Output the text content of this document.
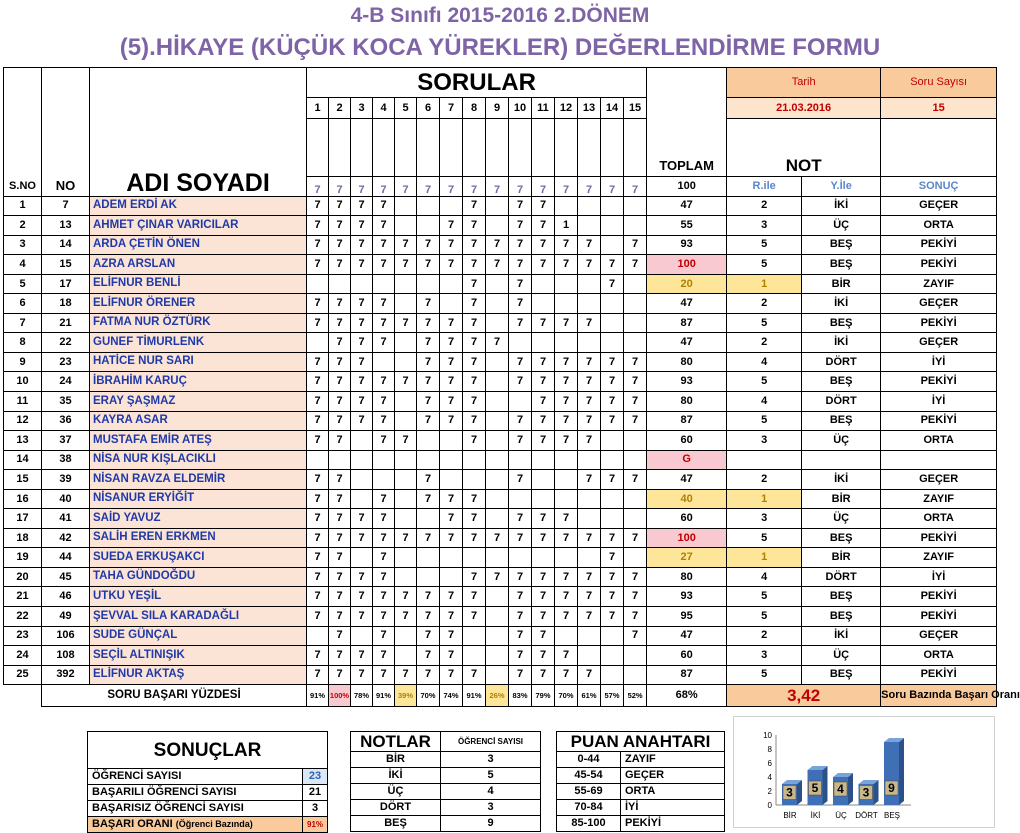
4-B Sınıfı 2015-2016 2.DÖNEM
(5).HİKAYE (KÜÇÜK KOCA YÜREKLER) DEĞERLENDİRME FORMU
S.NO	NO	ADI SOYADI	SORULAR															TOPLAM	Tarih		Soru Sayısı
			1	2	3	4	5	6	7	8	9	10	11	12	13	14	15		21.03.2016		15
																			NOT		
			7	7	7	7	7	7	7	7	7	7	7	7	7	7	7	100	R.ile	Y.İle	SONUÇ
1	7	ADEM ERDİ AK	7	7	7	7				7		7	7					47	2	İKİ	GEÇER
2	13	AHMET ÇINAR VARICILAR	7	7	7	7			7	7		7	7	1				55	3	ÜÇ	ORTA
3	14	ARDA ÇETİN ÖNEN	7	7	7	7	7	7	7	7	7	7	7	7	7		7	93	5	BEŞ	PEKİYİ
4	15	AZRA ARSLAN	7	7	7	7	7	7	7	7	7	7	7	7	7	7	7	100	5	BEŞ	PEKİYİ
5	17	ELİFNUR BENLİ								7		7				7		20	1	BİR	ZAYIF
6	18	ELİFNUR ÖRENER	7	7	7	7		7		7		7						47	2	İKİ	GEÇER
7	21	FATMA NUR ÖZTÜRK	7	7	7	7	7	7	7	7		7	7	7	7			87	5	BEŞ	PEKİYİ
8	22	GUNEF TİMURLENK		7	7	7		7	7	7	7							47	2	İKİ	GEÇER
9	23	HATİCE NUR SARI	7	7	7			7	7	7		7	7	7	7	7	7	80	4	DÖRT	İYİ
10	24	İBRAHİM KARUÇ	7	7	7	7	7	7	7	7		7	7	7	7	7	7	93	5	BEŞ	PEKİYİ
11	35	ERAY ŞAŞMAZ	7	7	7	7		7	7	7			7	7	7	7	7	80	4	DÖRT	İYİ
12	36	KAYRA ASAR	7	7	7	7		7	7	7		7	7	7	7	7	7	87	5	BEŞ	PEKİYİ
13	37	MUSTAFA EMİR ATEŞ	7	7		7	7			7		7	7	7	7			60	3	ÜÇ	ORTA
14	38	NİSA NUR KIŞLACIKLI																G			
15	39	NİSAN RAVZA ELDEMİR	7	7				7				7			7	7	7	47	2	İKİ	GEÇER
16	40	NİSANUR ERYİĞİT	7	7		7		7	7	7								40	1	BİR	ZAYIF
17	41	SAİD YAVUZ	7	7	7	7			7	7		7	7	7				60	3	ÜÇ	ORTA
18	42	SALİH EREN ERKMEN	7	7	7	7	7	7	7	7	7	7	7	7	7	7	7	100	5	BEŞ	PEKİYİ
19	44	SUEDA ERKUŞAKCI	7	7		7										7		27	1	BİR	ZAYIF
20	45	TAHA GÜNDOĞDU	7	7	7	7				7	7	7	7	7	7	7	7	80	4	DÖRT	İYİ
21	46	UTKU YEŞİL	7	7	7	7	7	7	7	7		7	7	7	7	7	7	93	5	BEŞ	PEKİYİ
22	49	ŞEVVAL SILA KARADAĞLI	7	7	7	7	7	7	7	7		7	7	7	7	7	7	95	5	BEŞ	PEKİYİ
23	106	SUDE GÜNÇAL		7		7		7	7			7	7				7	47	2	İKİ	GEÇER
24	108	SEÇİL ALTINIŞIK	7	7	7	7		7	7			7	7	7				60	3	ÜÇ	ORTA
25	392	ELİFNUR AKTAŞ	7	7	7	7	7	7	7	7		7	7	7	7			87	5	BEŞ	PEKİYİ
	SORU BAŞARI YÜZDESİ		91%	100%	78%	91%	39%	70%	74%	91%	26%	83%	79%	70%	61%	57%	52%	68%	3,42		Soru Bazında Başarı Oranı
SONUÇLAR	
ÖĞRENCİ SAYISI	23
BAŞARILI ÖĞRENCİ SAYISI	21
BAŞARISIZ ÖĞRENCİ SAYISI	3
BAŞARI ORANI (Öğrenci Bazında)	91%
NOTLAR	ÖĞRENCİ SAYISI
BİR	3
İKİ	5
ÜÇ	4
DÖRT	3
BEŞ	9
PUAN ANAHTARI	
0-44	ZAYIF
45-54	GEÇER
55-69	ORTA
70-84	İYİ
85-100	PEKİYİ
0
2
4
6
8
10
3
BİR
5
İKİ
4
ÜÇ
3
DÖRT
9
BEŞ
